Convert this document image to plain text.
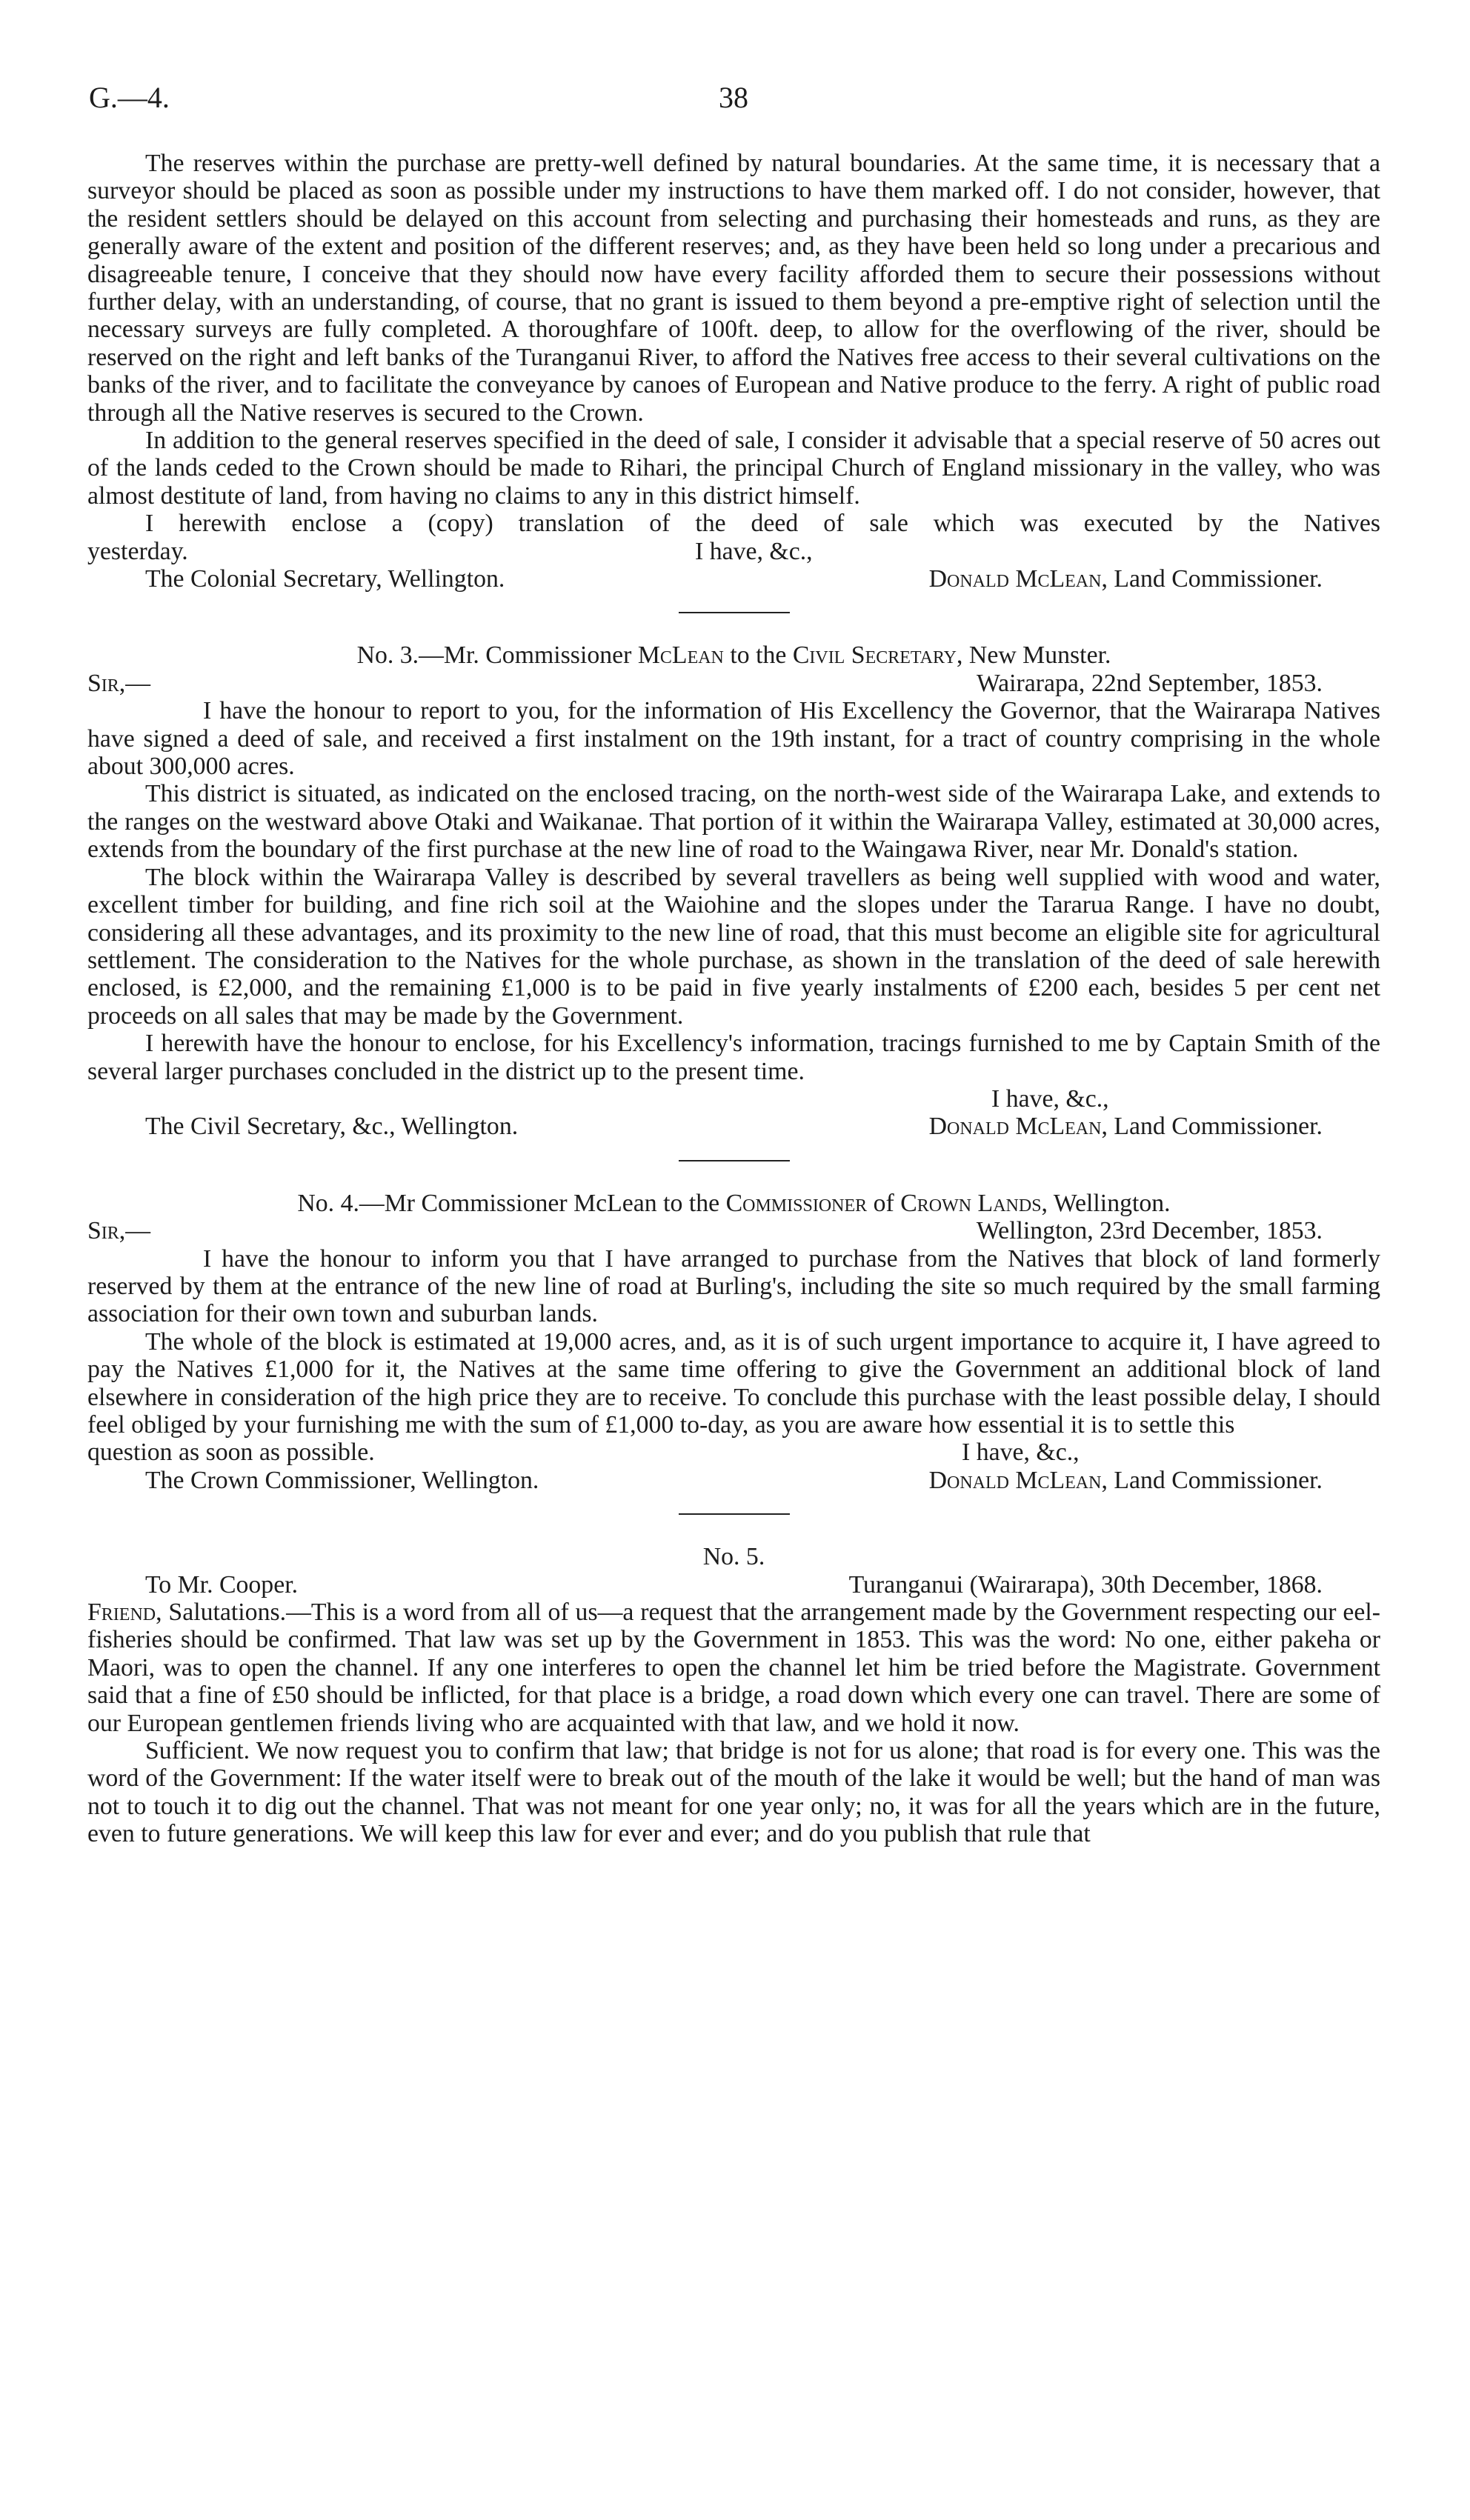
G.—4.	38

The reserves within the purchase are pretty-well defined by natural boundaries. At the same time, it is necessary that a surveyor should be placed as soon as possible under my instructions to have them marked off. I do not consider, however, that the resident settlers should be delayed on this account from selecting and purchasing their homesteads and runs, as they are generally aware of the extent and position of the different reserves; and, as they have been held so long under a precarious and disagreeable tenure, I conceive that they should now have every facility afforded them to secure their possessions without further delay, with an understanding, of course, that no grant is issued to them beyond a pre-emptive right of selection until the necessary surveys are fully completed. A thoroughfare of 100ft. deep, to allow for the overflowing of the river, should be reserved on the right and left banks of the Turanganui River, to afford the Natives free access to their several cultivations on the banks of the river, and to facilitate the conveyance by canoes of European and Native produce to the ferry. A right of public road through all the Native reserves is secured to the Crown.

In addition to the general reserves specified in the deed of sale, I consider it advisable that a special reserve of 50 acres out of the lands ceded to the Crown should be made to Rihari, the principal Church of England missionary in the valley, who was almost destitute of land, from having no claims to any in this district himself.

I herewith enclose a (copy) translation of the deed of sale which was executed by the Natives

yesterday.	I have, &c.,
The Colonial Secretary, Wellington.	Donald McLean, Land Commissioner.
No. 3.—Mr. Commissioner McLean to the Civil Secretary, New Munster.
Sir,—	Wairarapa, 22nd September, 1853.

I have the honour to report to you, for the information of His Excellency the Governor, that the Wairarapa Natives have signed a deed of sale, and received a first instalment on the 19th instant, for a tract of country comprising in the whole about 300,000 acres.

This district is situated, as indicated on the enclosed tracing, on the north-west side of the Wairarapa Lake, and extends to the ranges on the westward above Otaki and Waikanae. That portion of it within the Wairarapa Valley, estimated at 30,000 acres, extends from the boundary of the first purchase at the new line of road to the Waingawa River, near Mr. Donald's station.

The block within the Wairarapa Valley is described by several travellers as being well supplied with wood and water, excellent timber for building, and fine rich soil at the Waiohine and the slopes under the Tararua Range. I have no doubt, considering all these advantages, and its proximity to the new line of road, that this must become an eligible site for agricultural settlement. The consideration to the Natives for the whole purchase, as shown in the translation of the deed of sale herewith enclosed, is £2,000, and the remaining £1,000 is to be paid in five yearly instalments of £200 each, besides 5 per cent net proceeds on all sales that may be made by the Government.

I herewith have the honour to enclose, for his Excellency's information, tracings furnished to me by Captain Smith of the several larger purchases concluded in the district up to the present time.

I have, &c.,
The Civil Secretary, &c., Wellington.	Donald McLean, Land Commissioner.
No. 4.—Mr Commissioner McLean to the Commissioner of Crown Lands, Wellington.
Sir,—	Wellington, 23rd December, 1853.

I have the honour to inform you that I have arranged to purchase from the Natives that block of land formerly reserved by them at the entrance of the new line of road at Burling's, including the site so much required by the small farming association for their own town and suburban lands.

The whole of the block is estimated at 19,000 acres, and, as it is of such urgent importance to acquire it, I have agreed to pay the Natives £1,000 for it, the Natives at the same time offering to give the Government an additional block of land elsewhere in consideration of the high price they are to receive. To conclude this purchase with the least possible delay, I should feel obliged by your furnishing me with the sum of £1,000 to-day, as you are aware how essential it is to settle this

question as soon as possible.	I have, &c.,
The Crown Commissioner, Wellington.	Donald McLean, Land Commissioner.
No. 5.
To Mr. Cooper.	Turanganui (Wairarapa), 30th December, 1868.

Friend, Salutations.—This is a word from all of us—a request that the arrangement made by the Government respecting our eel-fisheries should be confirmed. That law was set up by the Government in 1853. This was the word: No one, either pakeha or Maori, was to open the channel. If any one interferes to open the channel let him be tried before the Magistrate. Government said that a fine of £50 should be inflicted, for that place is a bridge, a road down which every one can travel. There are some of our European gentlemen friends living who are acquainted with that law, and we hold it now.

Sufficient. We now request you to confirm that law; that bridge is not for us alone; that road is for every one. This was the word of the Government: If the water itself were to break out of the mouth of the lake it would be well; but the hand of man was not to touch it to dig out the channel. That was not meant for one year only; no, it was for all the years which are in the future, even to future generations. We will keep this law for ever and ever; and do you publish that rule that
